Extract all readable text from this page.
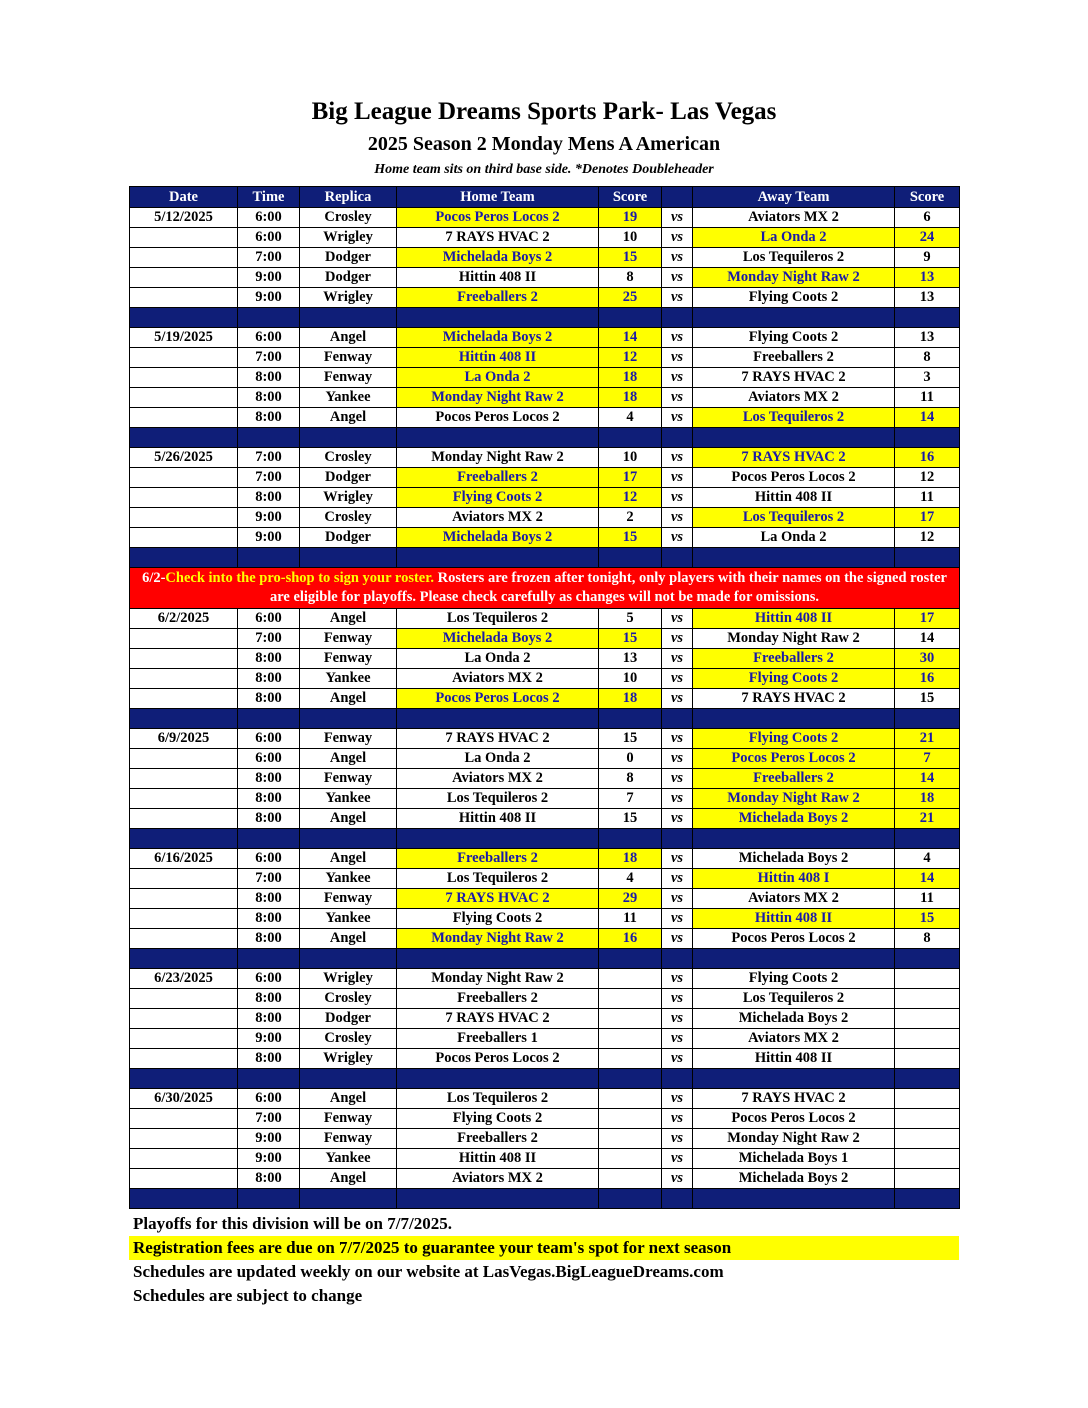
Big League Dreams Sports Park- Las Vegas
2025 Season 2 Monday Mens A American
Home team sits on third base side. *Denotes Doubleheader
Date	Time	Replica	Home Team	Score		Away Team	Score
5/12/2025	6:00	Crosley	Pocos Peros Locos 2	19	vs	Aviators MX 2	6
	6:00	Wrigley	7 RAYS HVAC 2	10	vs	La Onda 2	24
	7:00	Dodger	Michelada Boys 2	15	vs	Los Tequileros 2	9
	9:00	Dodger	Hittin 408 II	8	vs	Monday Night Raw 2	13
	9:00	Wrigley	Freeballers 2	25	vs	Flying Coots 2	13

5/19/2025	6:00	Angel	Michelada Boys 2	14	vs	Flying Coots 2	13
	7:00	Fenway	Hittin 408 II	12	vs	Freeballers 2	8
	8:00	Fenway	La Onda 2	18	vs	7 RAYS HVAC 2	3
	8:00	Yankee	Monday Night Raw 2	18	vs	Aviators MX 2	11
	8:00	Angel	Pocos Peros Locos 2	4	vs	Los Tequileros 2	14

5/26/2025	7:00	Crosley	Monday Night Raw 2	10	vs	7 RAYS HVAC 2	16
	7:00	Dodger	Freeballers 2	17	vs	Pocos Peros Locos 2	12
	8:00	Wrigley	Flying Coots 2	12	vs	Hittin 408 II	11
	9:00	Crosley	Aviators MX 2	2	vs	Los Tequileros 2	17
	9:00	Dodger	Michelada Boys 2	15	vs	La Onda 2	12

6/2-Check into the pro-shop to sign your roster. Rosters are frozen after tonight, only players with their names on the signed roster are eligible for playoffs. Please check carefully as changes will not be made for omissions.							
6/2/2025	6:00	Angel	Los Tequileros 2	5	vs	Hittin 408 II	17
	7:00	Fenway	Michelada Boys 2	15	vs	Monday Night Raw 2	14
	8:00	Fenway	La Onda 2	13	vs	Freeballers 2	30
	8:00	Yankee	Aviators MX 2	10	vs	Flying Coots 2	16
	8:00	Angel	Pocos Peros Locos 2	18	vs	7 RAYS HVAC 2	15

6/9/2025	6:00	Fenway	7 RAYS HVAC 2	15	vs	Flying Coots 2	21
	6:00	Angel	La Onda 2	0	vs	Pocos Peros Locos 2	7
	8:00	Fenway	Aviators MX 2	8	vs	Freeballers 2	14
	8:00	Yankee	Los Tequileros 2	7	vs	Monday Night Raw 2	18
	8:00	Angel	Hittin 408 II	15	vs	Michelada Boys 2	21

6/16/2025	6:00	Angel	Freeballers 2	18	vs	Michelada Boys 2	4
	7:00	Yankee	Los Tequileros 2	4	vs	Hittin 408 I	14
	8:00	Fenway	7 RAYS HVAC 2	29	vs	Aviators MX 2	11
	8:00	Yankee	Flying Coots 2	11	vs	Hittin 408 II	15
	8:00	Angel	Monday Night Raw 2	16	vs	Pocos Peros Locos 2	8

6/23/2025	6:00	Wrigley	Monday Night Raw 2		vs	Flying Coots 2	
	8:00	Crosley	Freeballers 2		vs	Los Tequileros 2	
	8:00	Dodger	7 RAYS HVAC 2		vs	Michelada Boys 2	
	9:00	Crosley	Freeballers 1		vs	Aviators MX 2	
	8:00	Wrigley	Pocos Peros Locos 2		vs	Hittin 408 II	

6/30/2025	6:00	Angel	Los Tequileros 2		vs	7 RAYS HVAC 2	
	7:00	Fenway	Flying Coots 2		vs	Pocos Peros Locos 2	
	9:00	Fenway	Freeballers 2		vs	Monday Night Raw 2	
	9:00	Yankee	Hittin 408 II		vs	Michelada Boys 1	
	8:00	Angel	Aviators MX 2		vs	Michelada Boys 2	

Playoffs for this division will be on 7/7/2025.
Registration fees are due on 7/7/2025 to guarantee your team's spot for next season
Schedules are updated weekly on our website at LasVegas.BigLeagueDreams.com
Schedules are subject to change
